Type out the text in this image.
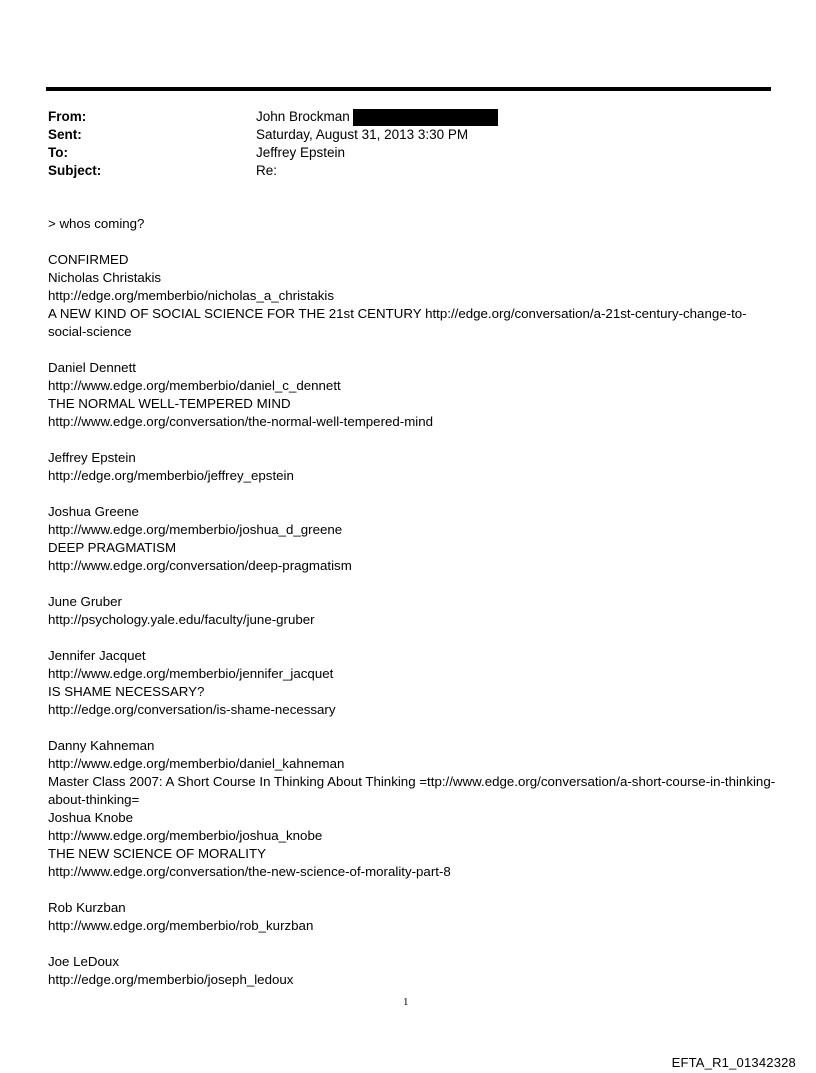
From:	John Brockman
Sent:	Saturday, August 31, 2013 3:30 PM
To:	Jeffrey Epstein
Subject:	Re:
> whos coming?
CONFIRMED
Nicholas Christakis
http://edge.org/memberbio/nicholas_a_christakis
A NEW KIND OF SOCIAL SCIENCE FOR THE 21st CENTURY http://edge.org/conversation/a-21st-century-change-to-social-science
Daniel Dennett
http://www.edge.org/memberbio/daniel_c_dennett
THE NORMAL WELL-TEMPERED MIND
http://www.edge.org/conversation/the-normal-well-tempered-mind
Jeffrey Epstein
http://edge.org/memberbio/jeffrey_epstein
Joshua Greene
http://www.edge.org/memberbio/joshua_d_greene
DEEP PRAGMATISM
http://www.edge.org/conversation/deep-pragmatism
June Gruber
http://psychology.yale.edu/faculty/june-gruber
Jennifer Jacquet
http://www.edge.org/memberbio/jennifer_jacquet
IS SHAME NECESSARY?
http://edge.org/conversation/is-shame-necessary
Danny Kahneman
http://www.edge.org/memberbio/daniel_kahneman
Master Class 2007: A Short Course In Thinking About Thinking =ttp://www.edge.org/conversation/a-short-course-in-thinking-about-thinking=
Joshua Knobe
http://www.edge.org/memberbio/joshua_knobe
THE NEW SCIENCE OF MORALITY
http://www.edge.org/conversation/the-new-science-of-morality-part-8
Rob Kurzban
http://www.edge.org/memberbio/rob_kurzban
Joe LeDoux
http://edge.org/memberbio/joseph_ledoux
1
EFTA_R1_01342328
